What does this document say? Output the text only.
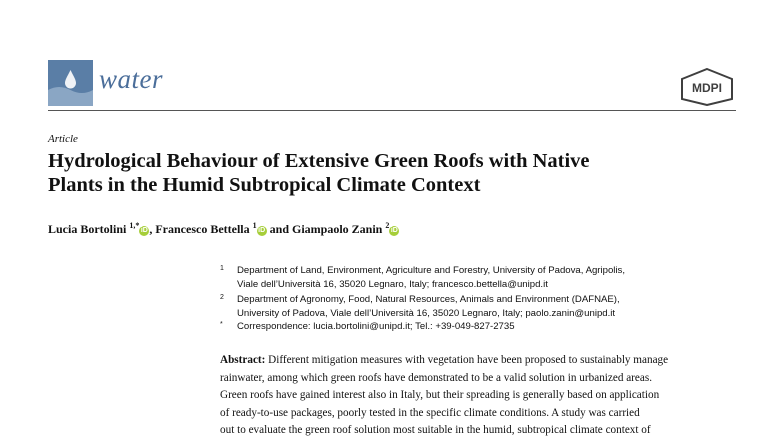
water	MDPI
Article
Hydrological Behaviour of Extensive Green Roofs with Native
Plants in the Humid Subtropical Climate Context
Lucia Bortolini $^{1,*}$iD , Francesco Bettella $^1$iD and Giampaolo Zanin $^2$iD
1 Department of Land, Environment, Agriculture and Forestry, University of Padova, Agripolis,
Viale dell’Università 16, 35020 Legnaro, Italy; francesco.bettella@unipd.it
2 Department of Agronomy, Food, Natural Resources, Animals and Environment (DAFNAE),
University of Padova, Viale dell’Università 16, 35020 Legnaro, Italy; paolo.zanin@unipd.it
* Correspondence: lucia.bortolini@unipd.it; Tel.: +39-049-827-2735
Abstract: Different mitigation measures with vegetation have been proposed to sustainably manage
rainwater, among which green roofs have demonstrated to be a valid solution in urbanized areas.
Green roofs have gained interest also in Italy, but their spreading is generally based on application
of ready-to-use packages, poorly tested in the specific climate conditions. A study was carried
out to evaluate the green roof solution most suitable in the humid, subtropical climate context of
